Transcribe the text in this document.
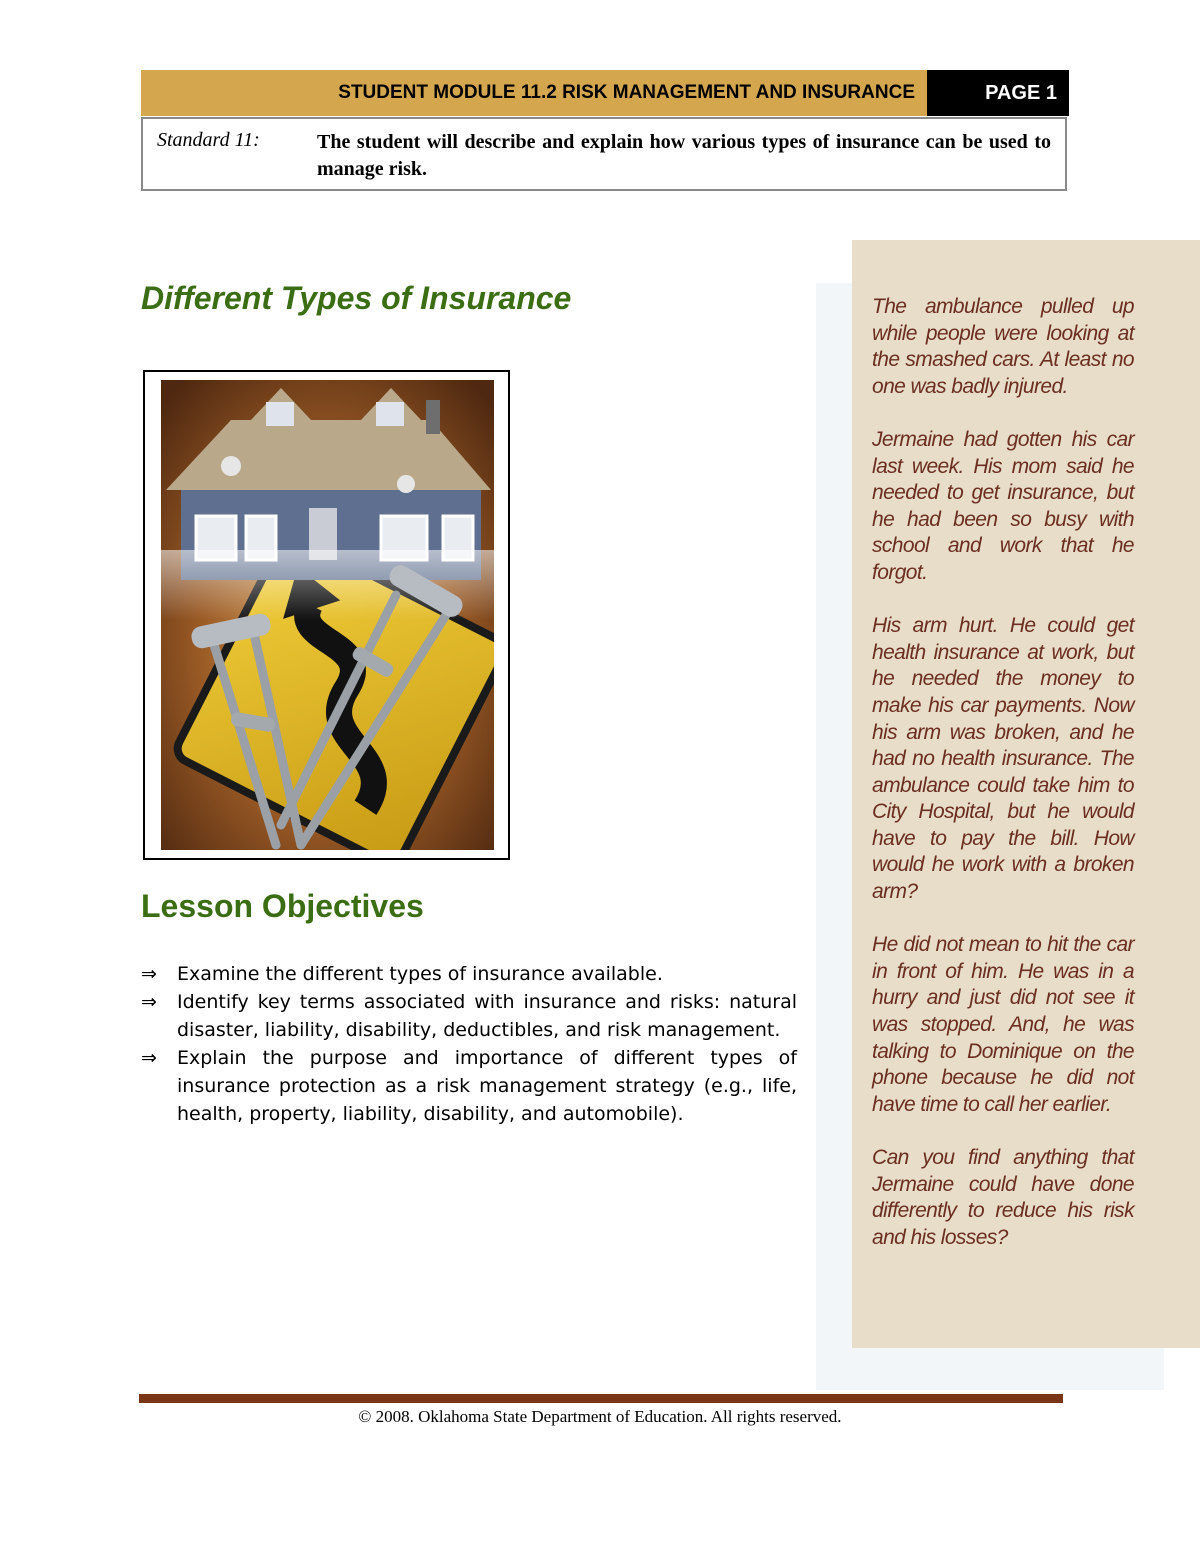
STUDENT MODULE 11.2 RISK MANAGEMENT AND INSURANCE	PAGE 1
Standard 11:	The student will describe and explain how various types of insurance can be used to manage risk.
Different Types of Insurance
Lesson Objectives
⇒	Examine the different types of insurance available.
⇒	Identify key terms associated with insurance and risks: natural disaster, liability, disability, deductibles, and risk management.
⇒	Explain the purpose and importance of different types of insurance protection as a risk management strategy (e.g., life, health, property, liability, disability, and automobile).

The ambulance pulled up while people were looking at the smashed cars. At least no one was badly injured.

Jermaine had gotten his car last week. His mom said he needed to get insurance, but he had been so busy with school and work that he forgot.

His arm hurt. He could get health insurance at work, but he needed the money to make his car payments. Now his arm was broken, and he had no health insurance. The ambulance could take him to City Hospital, but he would have to pay the bill. How would he work with a broken arm?

He did not mean to hit the car in front of him. He was in a hurry and just did not see it was stopped. And, he was talking to Dominique on the phone because he did not have time to call her earlier.

Can you find anything that Jermaine could have done differently to reduce his risk and his losses?

© 2008. Oklahoma State Department of Education. All rights reserved.
